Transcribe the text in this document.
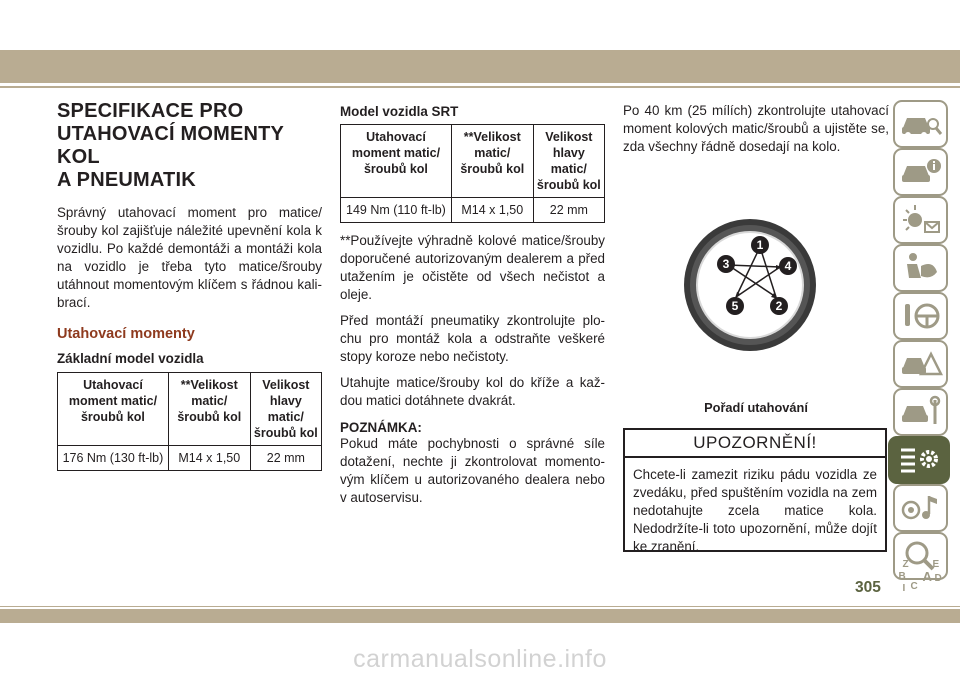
SPECIFIKACE PRO
UTAHOVACÍ MOMENTY KOL
A PNEUMATIK

Správný utahovací moment pro matice/šrouby kol zajišťuje náležité upevnění kola k vozidlu. Po každé demontáži a montáži kola na vozidlo je třeba tyto matice/šrouby utáhnout momentovým klíčem s řádnou kali-brací.

Utahovací momenty

Základní model vozidla

Utahovací moment matic/ šroubů kol	**Velikost matic/ šroubů kol	Velikost hlavy matic/ šroubů kol
176 Nm (130 ft-lb)	M14 x 1,50	22 mm

Model vozidla SRT

Utahovací moment matic/ šroubů kol	**Velikost matic/ šroubů kol	Velikost hlavy matic/ šroubů kol
149 Nm (110 ft-lb)	M14 x 1,50	22 mm

**Používejte výhradně kolové matice/šrouby doporučené autorizovaným dealerem a před utažením je očistěte od všech nečistot a oleje.

Před montáží pneumatiky zkontrolujte plo-chu pro montáž kola a odstraňte veškeré stopy koroze nebo nečistoty.

Utahujte matice/šrouby kol do kříže a kaž-dou matici dotáhnete dvakrát.

POZNÁMKA:

Pokud máte pochybnosti o správné síle dotažení, nechte ji zkontrolovat momento-vým klíčem u autorizovaného dealera nebo v autoservisu.

Po 40 km (25 mílích) zkontrolujte utahovací moment kolových matic/šroubů a ujistěte se, zda všechny řádně dosedají na kolo.

1
4
3
2
5

Pořadí utahování

UPOZORNĚNÍ!
Chcete-li zamezit riziku pádu vozidla ze zvedáku, před spuštěním vozidla na zem nedotahujte zcela matice kola. Nedodržíte-li toto upozornění, může dojít ke zranění.
Z E
B A D
C
I
305
carmanualsonline.info
